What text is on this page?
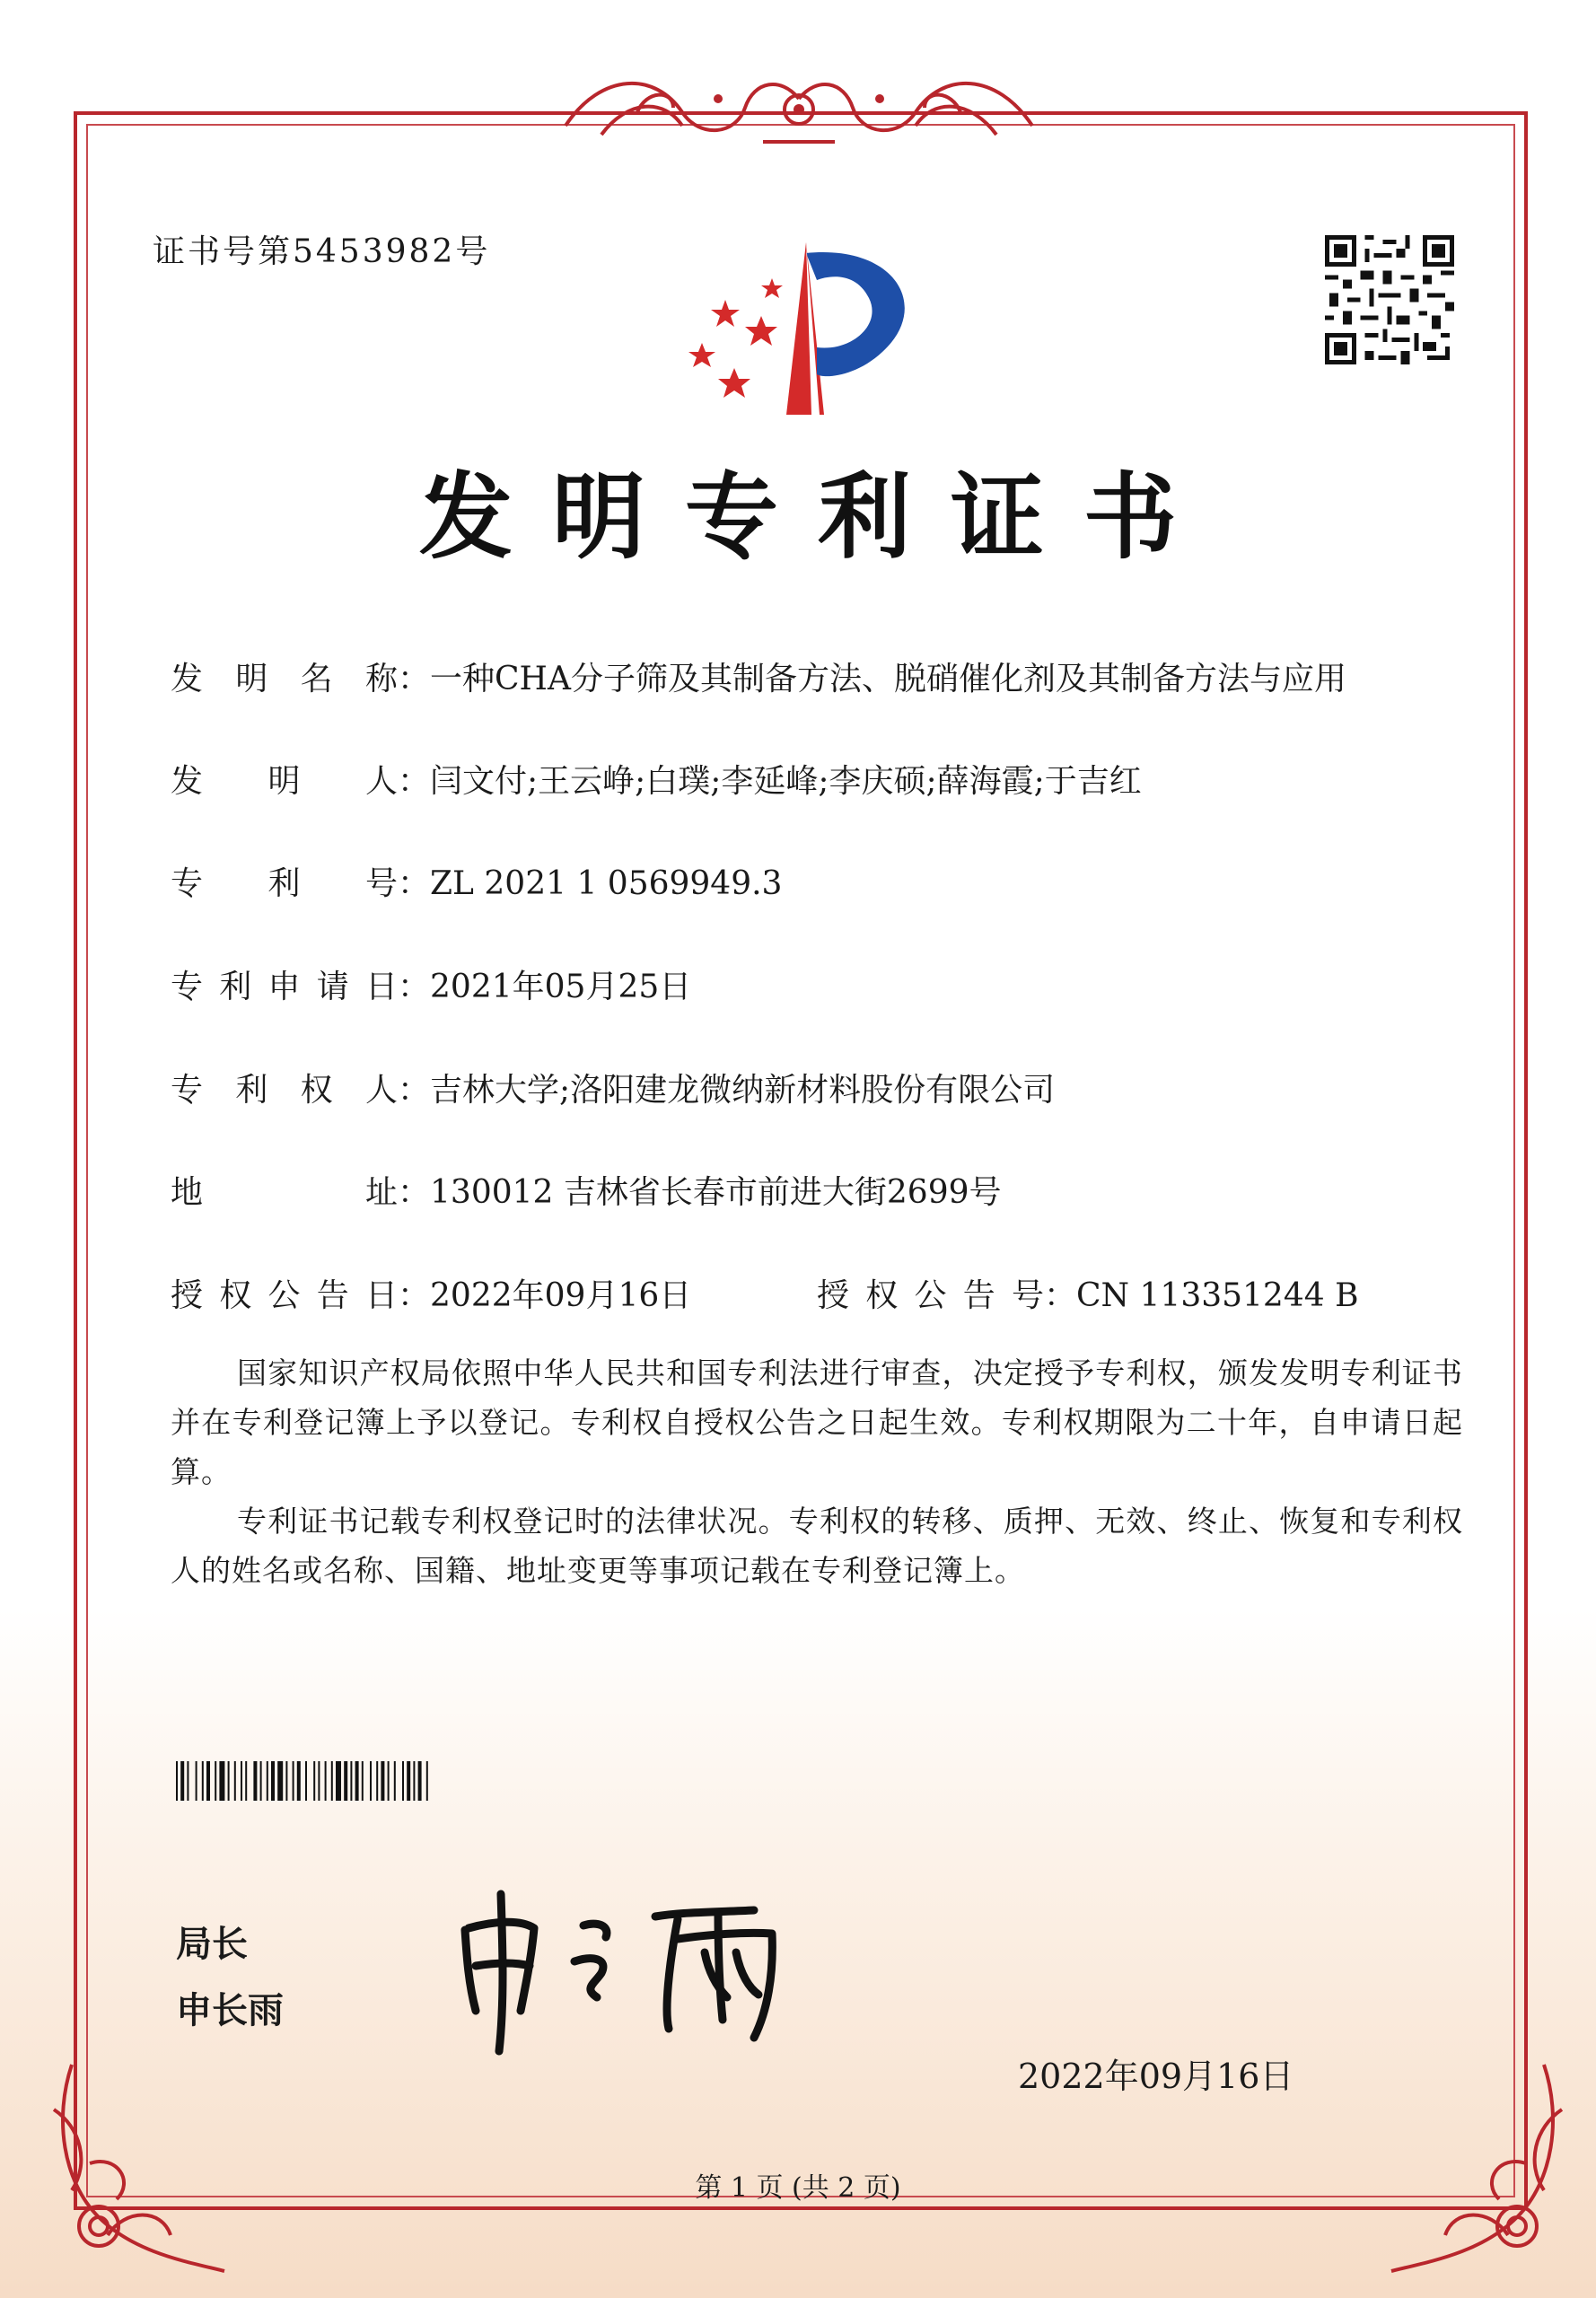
证书号第5453982号
发明专利证书
发明名称：一种CHA分子筛及其制备方法、脱硝催化剂及其制备方法与应用
发明人：闫文付;王云峥;白璞;李延峰;李庆硕;薛海霞;于吉红
专利号：ZL 2021 1 0569949.3
专利申请日：2021年05月25日
专利权人：吉林大学;洛阳建龙微纳新材料股份有限公司
地址：130012 吉林省长春市前进大街2699号
授权公告日：2022年09月16日	授权公告号：CN 113351244 B
国家知识产权局依照中华人民共和国专利法进行审查，决定授予专利权，颁发发明专利证书并在专利登记簿上予以登记。专利权自授权公告之日起生效。专利权期限为二十年，自申请日起算。
专利证书记载专利权登记时的法律状况。专利权的转移、质押、无效、终止、恢复和专利权人的姓名或名称、国籍、地址变更等事项记载在专利登记簿上。
局长
申长雨
2022年09月16日
第 1 页 (共 2 页)
